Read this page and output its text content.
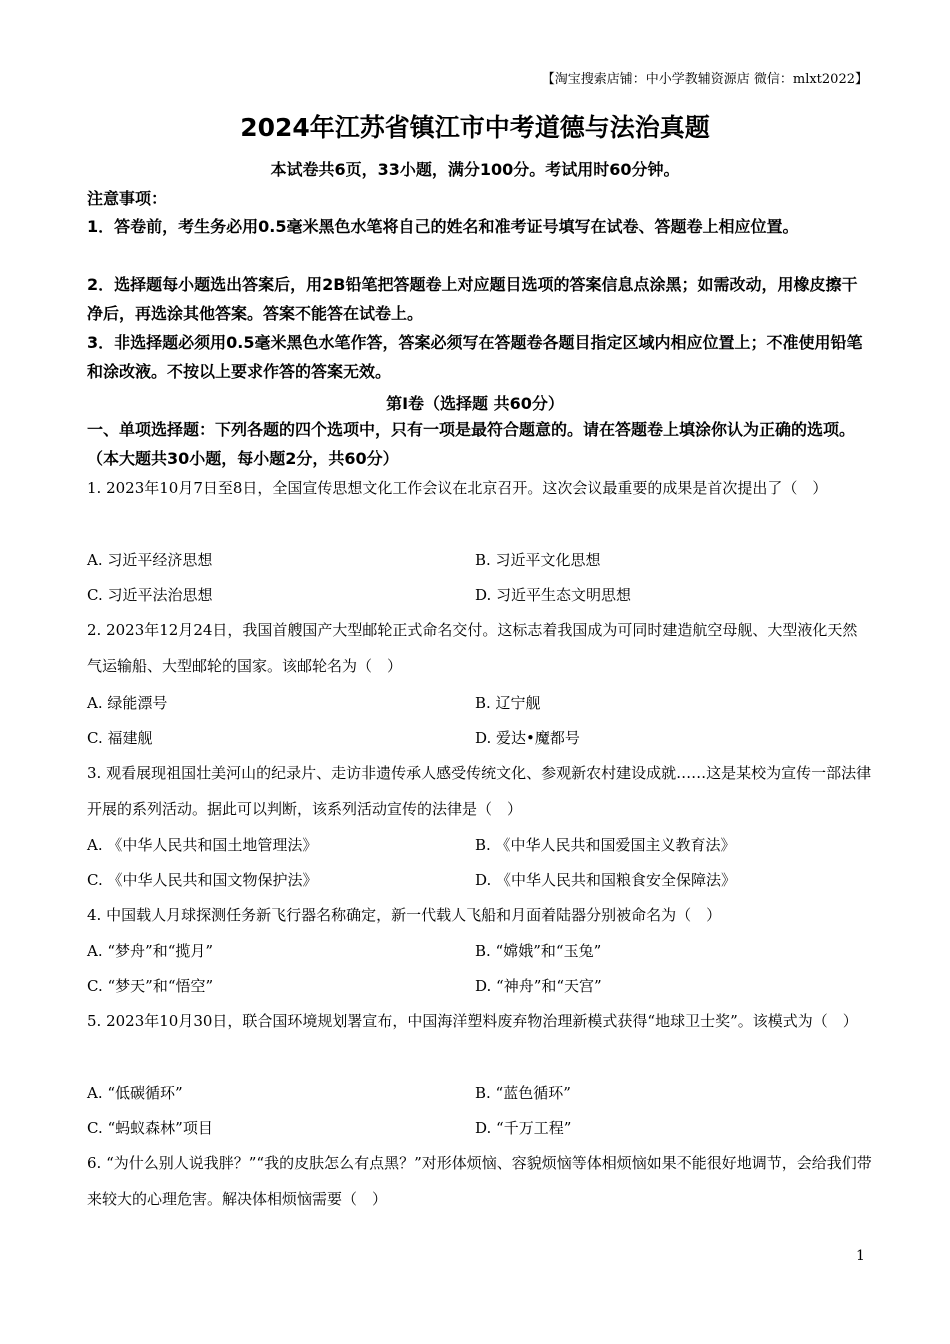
【淘宝搜索店铺：中小学教辅资源店 微信：mlxt2022】
2024年江苏省镇江市中考道德与法治真题
本试卷共6页，33小题，满分100分。考试用时60分钟。
注意事项：
1．答卷前，考生务必用0.5毫米黑色水笔将自己的姓名和准考证号填写在试卷、答题卷上相应位置。
2．选择题每小题选出答案后，用2B铅笔把答题卷上对应题目选项的答案信息点涂黑；如需改动，用橡皮擦干净后，再选涂其他答案。答案不能答在试卷上。
3．非选择题必须用0.5毫米黑色水笔作答，答案必须写在答题卷各题目指定区域内相应位置上；不准使用铅笔和涂改液。不按以上要求作答的答案无效。
第Ⅰ卷（选择题 共60分）
一、单项选择题：下列各题的四个选项中，只有一项是最符合题意的。请在答题卷上填涂你认为正确的选项。（本大题共30小题，每小题2分，共60分）
1. 2023年10月7日至8日，全国宣传思想文化工作会议在北京召开。这次会议最重要的成果是首次提出了（　）
A. 习近平经济思想	B. 习近平文化思想
C. 习近平法治思想	D. 习近平生态文明思想
2. 2023年12月24日，我国首艘国产大型邮轮正式命名交付。这标志着我国成为可同时建造航空母舰、大型液化天然气运输船、大型邮轮的国家。该邮轮名为（　）
A. 绿能漂号	B. 辽宁舰
C. 福建舰	D. 爱达•魔都号
3. 观看展现祖国壮美河山的纪录片、走访非遗传承人感受传统文化、参观新农村建设成就……这是某校为宣传一部法律开展的系列活动。据此可以判断，该系列活动宣传的法律是（　）
A. 《中华人民共和国土地管理法》	B. 《中华人民共和国爱国主义教育法》
C. 《中华人民共和国文物保护法》	D. 《中华人民共和国粮食安全保障法》
4. 中国载人月球探测任务新飞行器名称确定，新一代载人飞船和月面着陆器分别被命名为（　）
A. “梦舟”和“揽月”	B. “嫦娥”和“玉兔”
C. “梦天”和“悟空”	D. “神舟”和“天宫”
5. 2023年10月30日，联合国环境规划署宣布，中国海洋塑料废弃物治理新模式获得“地球卫士奖”。该模式为（　）
A. “低碳循环”	B. “蓝色循环”
C. “蚂蚁森林”项目	D. “千万工程”
6. “为什么别人说我胖？”“我的皮肤怎么有点黑？”对形体烦恼、容貌烦恼等体相烦恼如果不能很好地调节，会给我们带来较大的心理危害。解决体相烦恼需要（　）
1
